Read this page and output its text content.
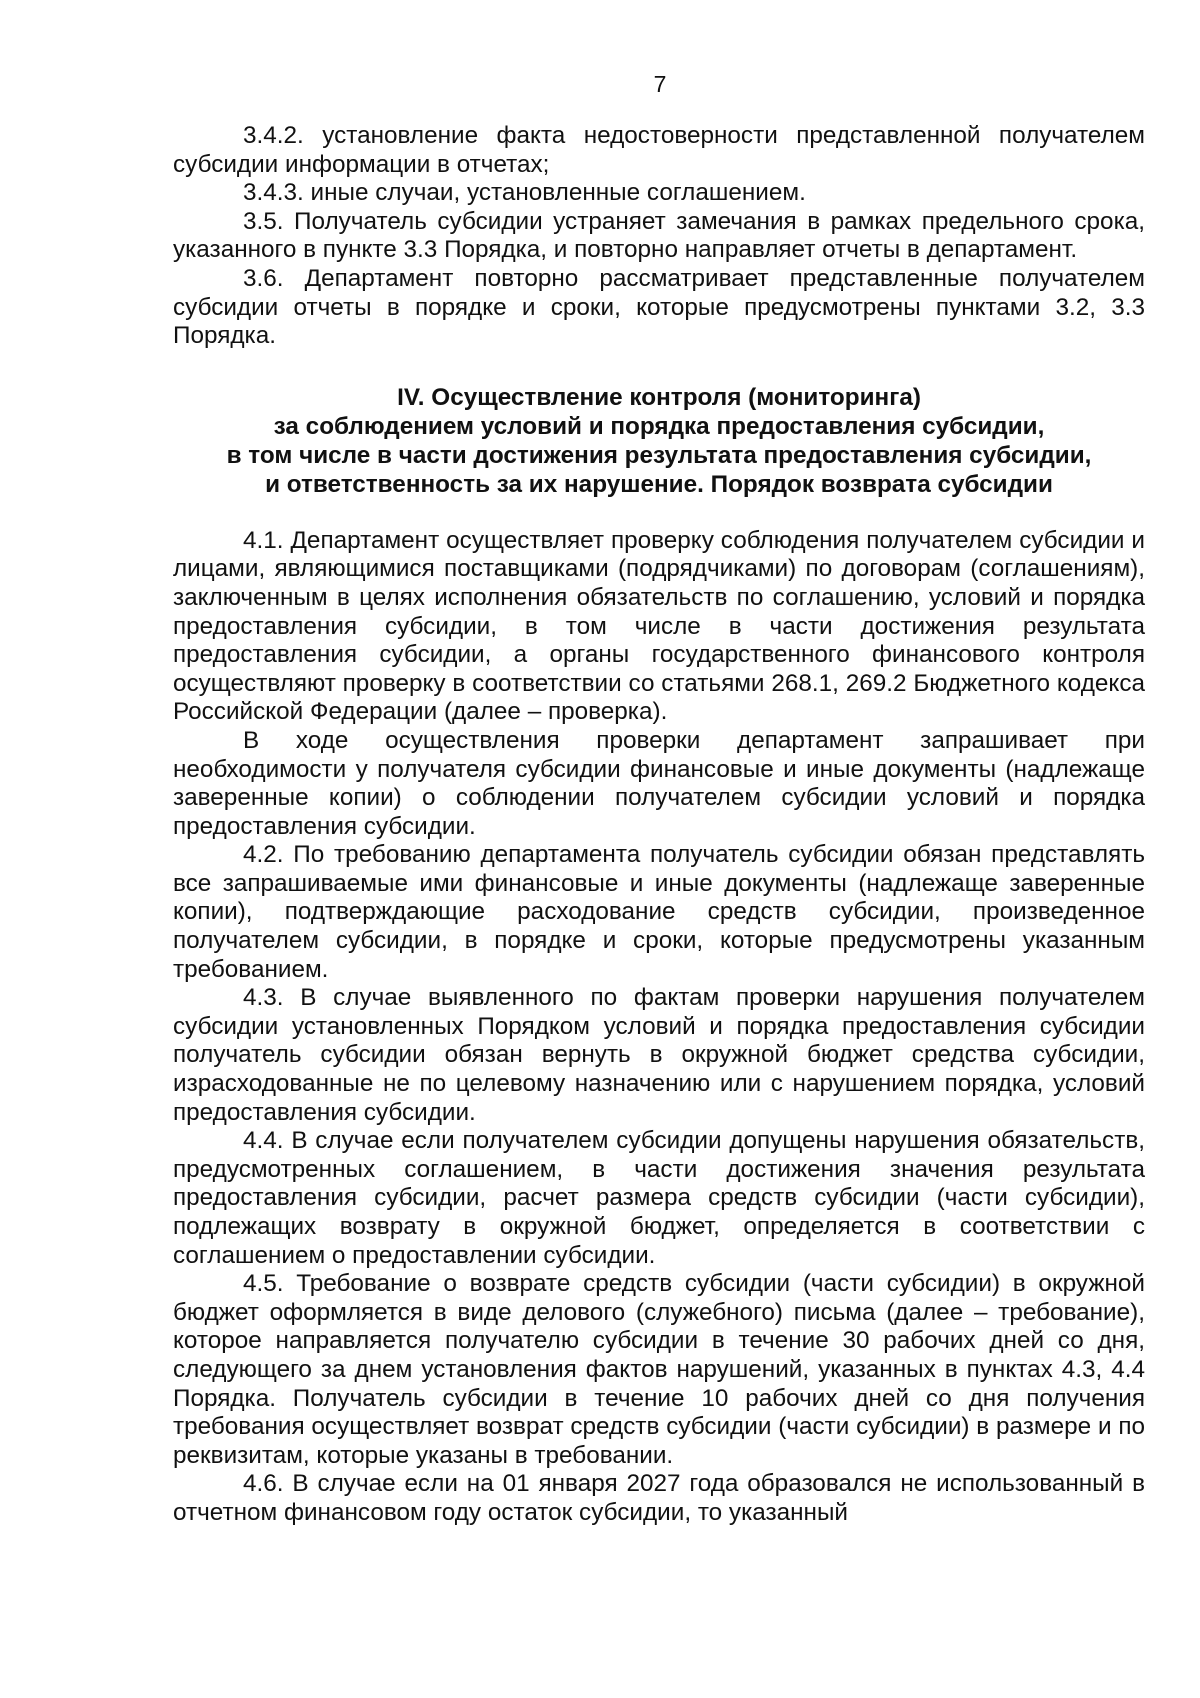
7

3.4.2. установление факта недостоверности представленной получателем субсидии информации в отчетах;

3.4.3. иные случаи, установленные соглашением.

3.5. Получатель субсидии устраняет замечания в рамках предельного срока, указанного в пункте 3.3 Порядка, и повторно направляет отчеты в департамент.

3.6. Департамент повторно рассматривает представленные получателем субсидии отчеты в порядке и сроки, которые предусмотрены пунктами 3.2, 3.3 Порядка.

IV. Осуществление контроля (мониторинга)
за соблюдением условий и порядка предоставления субсидии,
в том числе в части достижения результата предоставления субсидии,
и ответственность за их нарушение. Порядок возврата субсидии

4.1. Департамент осуществляет проверку соблюдения получателем субсидии и лицами, являющимися поставщиками (подрядчиками) по договорам (соглашениям), заключенным в целях исполнения обязательств по соглашению, условий и порядка предоставления субсидии, в том числе в части достижения результата предоставления субсидии, а органы государственного финансового контроля осуществляют проверку в соответствии со статьями 268.1, 269.2 Бюджетного кодекса Российской Федерации (далее – проверка).

В ходе осуществления проверки департамент запрашивает при необходимости у получателя субсидии финансовые и иные документы (надлежаще заверенные копии) о соблюдении получателем субсидии условий и порядка предоставления субсидии.

4.2. По требованию департамента получатель субсидии обязан представлять все запрашиваемые ими финансовые и иные документы (надлежаще заверенные копии), подтверждающие расходование средств субсидии, произведенное получателем субсидии, в порядке и сроки, которые предусмотрены указанным требованием.

4.3. В случае выявленного по фактам проверки нарушения получателем субсидии установленных Порядком условий и порядка предоставления субсидии получатель субсидии обязан вернуть в окружной бюджет средства субсидии, израсходованные не по целевому назначению или с нарушением порядка, условий предоставления субсидии.

4.4. В случае если получателем субсидии допущены нарушения обязательств, предусмотренных соглашением, в части достижения значения результата предоставления субсидии, расчет размера средств субсидии (части субсидии), подлежащих возврату в окружной бюджет, определяется в соответствии с соглашением о предоставлении субсидии.

4.5. Требование о возврате средств субсидии (части субсидии) в окружной бюджет оформляется в виде делового (служебного) письма (далее – требование), которое направляется получателю субсидии в течение 30 рабочих дней со дня, следующего за днем установления фактов нарушений, указанных в пунктах 4.3, 4.4 Порядка. Получатель субсидии в течение 10 рабочих дней со дня получения требования осуществляет возврат средств субсидии (части субсидии) в размере и по реквизитам, которые указаны в требовании.

4.6. В случае если на 01 января 2027 года образовался не использованный в отчетном финансовом году остаток субсидии, то указанный
